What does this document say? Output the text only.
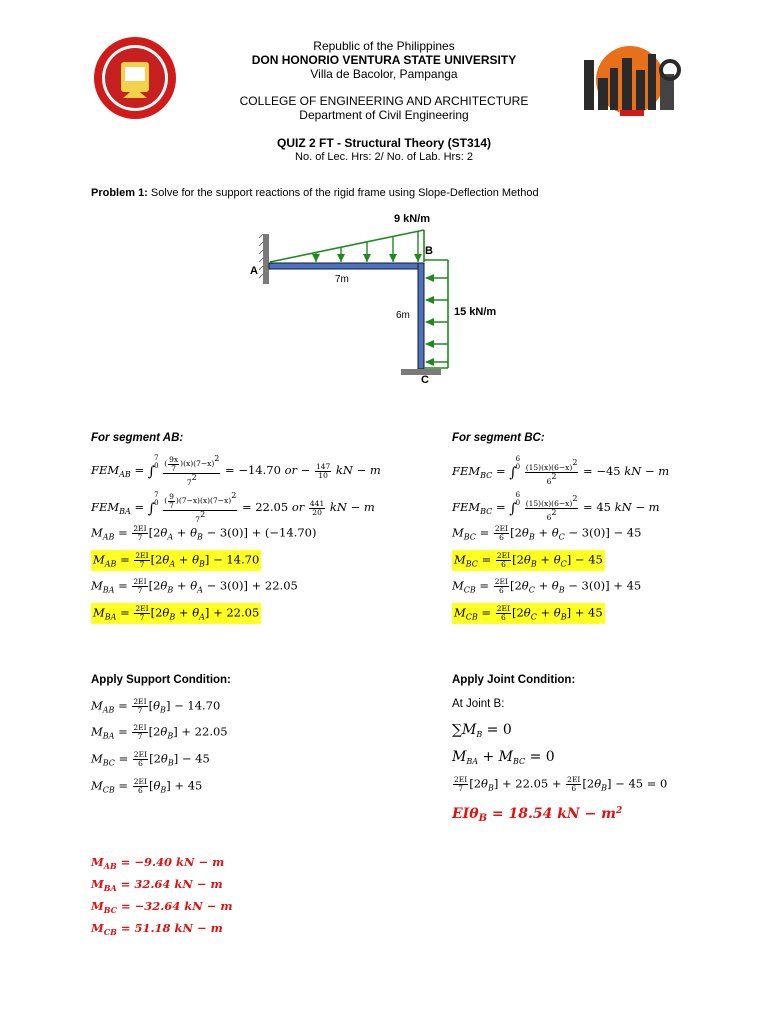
Republic of the Philippines
DON HONORIO VENTURA STATE UNIVERSITY
Villa de Bacolor, Pampanga
COLLEGE OF ENGINEERING AND ARCHITECTURE
Department of Civil Engineering
QUIZ 2 FT - Structural Theory (ST314)
No. of Lec. Hrs: 2/ No. of Lab. Hrs: 2
Problem 1: Solve for the support reactions of the rigid frame using Slope-Deflection Method
9 kN/m
15 kN/m
A
B
C
7m
6m
For segment AB:	For segment BC:
$FEM_{AB} = \int 7$
$0 \frac{( \frac{9x}{7} )(x)(7-x)^2}{7^2} = -14.70$ or − $\frac{147}{10}$ kN − m
$FEM_{BA} = \int 7$
$0 \frac{( \frac{9}{7} )(7-x)(x)(7-x)^2}{7^2} = 22.05$ or $\frac{441}{20}$ kN − m
$M_{AB} = \frac{2EI}{7} [2\theta_A + \theta_B - 3(0)] + (-14.70)$
$M_{AB} = \frac{2EI}{7} [2\theta_A + \theta_B] - 14.70$
$M_{BA} = \frac{2EI}{7} [2\theta_B + \theta_A - 3(0)] + 22.05$
$M_{BA} = \frac{2EI}{7} [2\theta_B + \theta_A] + 22.05$
$FEM_{BC} = \int 6$
$0 \frac{(15)(x)(6-x)^2}{6^2} = -45$ kN − m
$FEM_{BC} = \int 6$
$0 \frac{(15)(x)(6-x)^2}{6^2} = 45$ kN − m
$M_{BC} = \frac{2EI}{6} [2\theta_B + \theta_C - 3(0)] - 45$
$M_{BC} = \frac{2EI}{6} [2\theta_B + \theta_C] - 45$
$M_{CB} = \frac{2EI}{6} [2\theta_C + \theta_B - 3(0)] + 45$
$M_{CB} = \frac{2EI}{6} [2\theta_C + \theta_B] + 45$
Apply Support Condition:	Apply Joint Condition:
$M_{AB} = \frac{2EI}{7} [\theta_B] - 14.70$
$M_{BA} = \frac{2EI}{7} [2\theta_B] + 22.05$
$M_{BC} = \frac{2EI}{6} [2\theta_B] - 45$
$M_{CB} = \frac{2EI}{6} [\theta_B] + 45$
At Joint B:
$\sum M_B = 0$
$M_{BA} + M_{BC} = 0$
$\frac{2EI}{7} [2\theta_B] + 22.05 + \frac{2EI}{6} [2\theta_B] - 45 = 0$
EIθ$_B$ = 18.54 kN − $m^2$
$M_{AB} = -9.40$ kN − m
$M_{BA} = 32.64$ kN − m
$M_{BC} = -32.64$ kN − m
$M_{CB} = 51.18$ kN − m
